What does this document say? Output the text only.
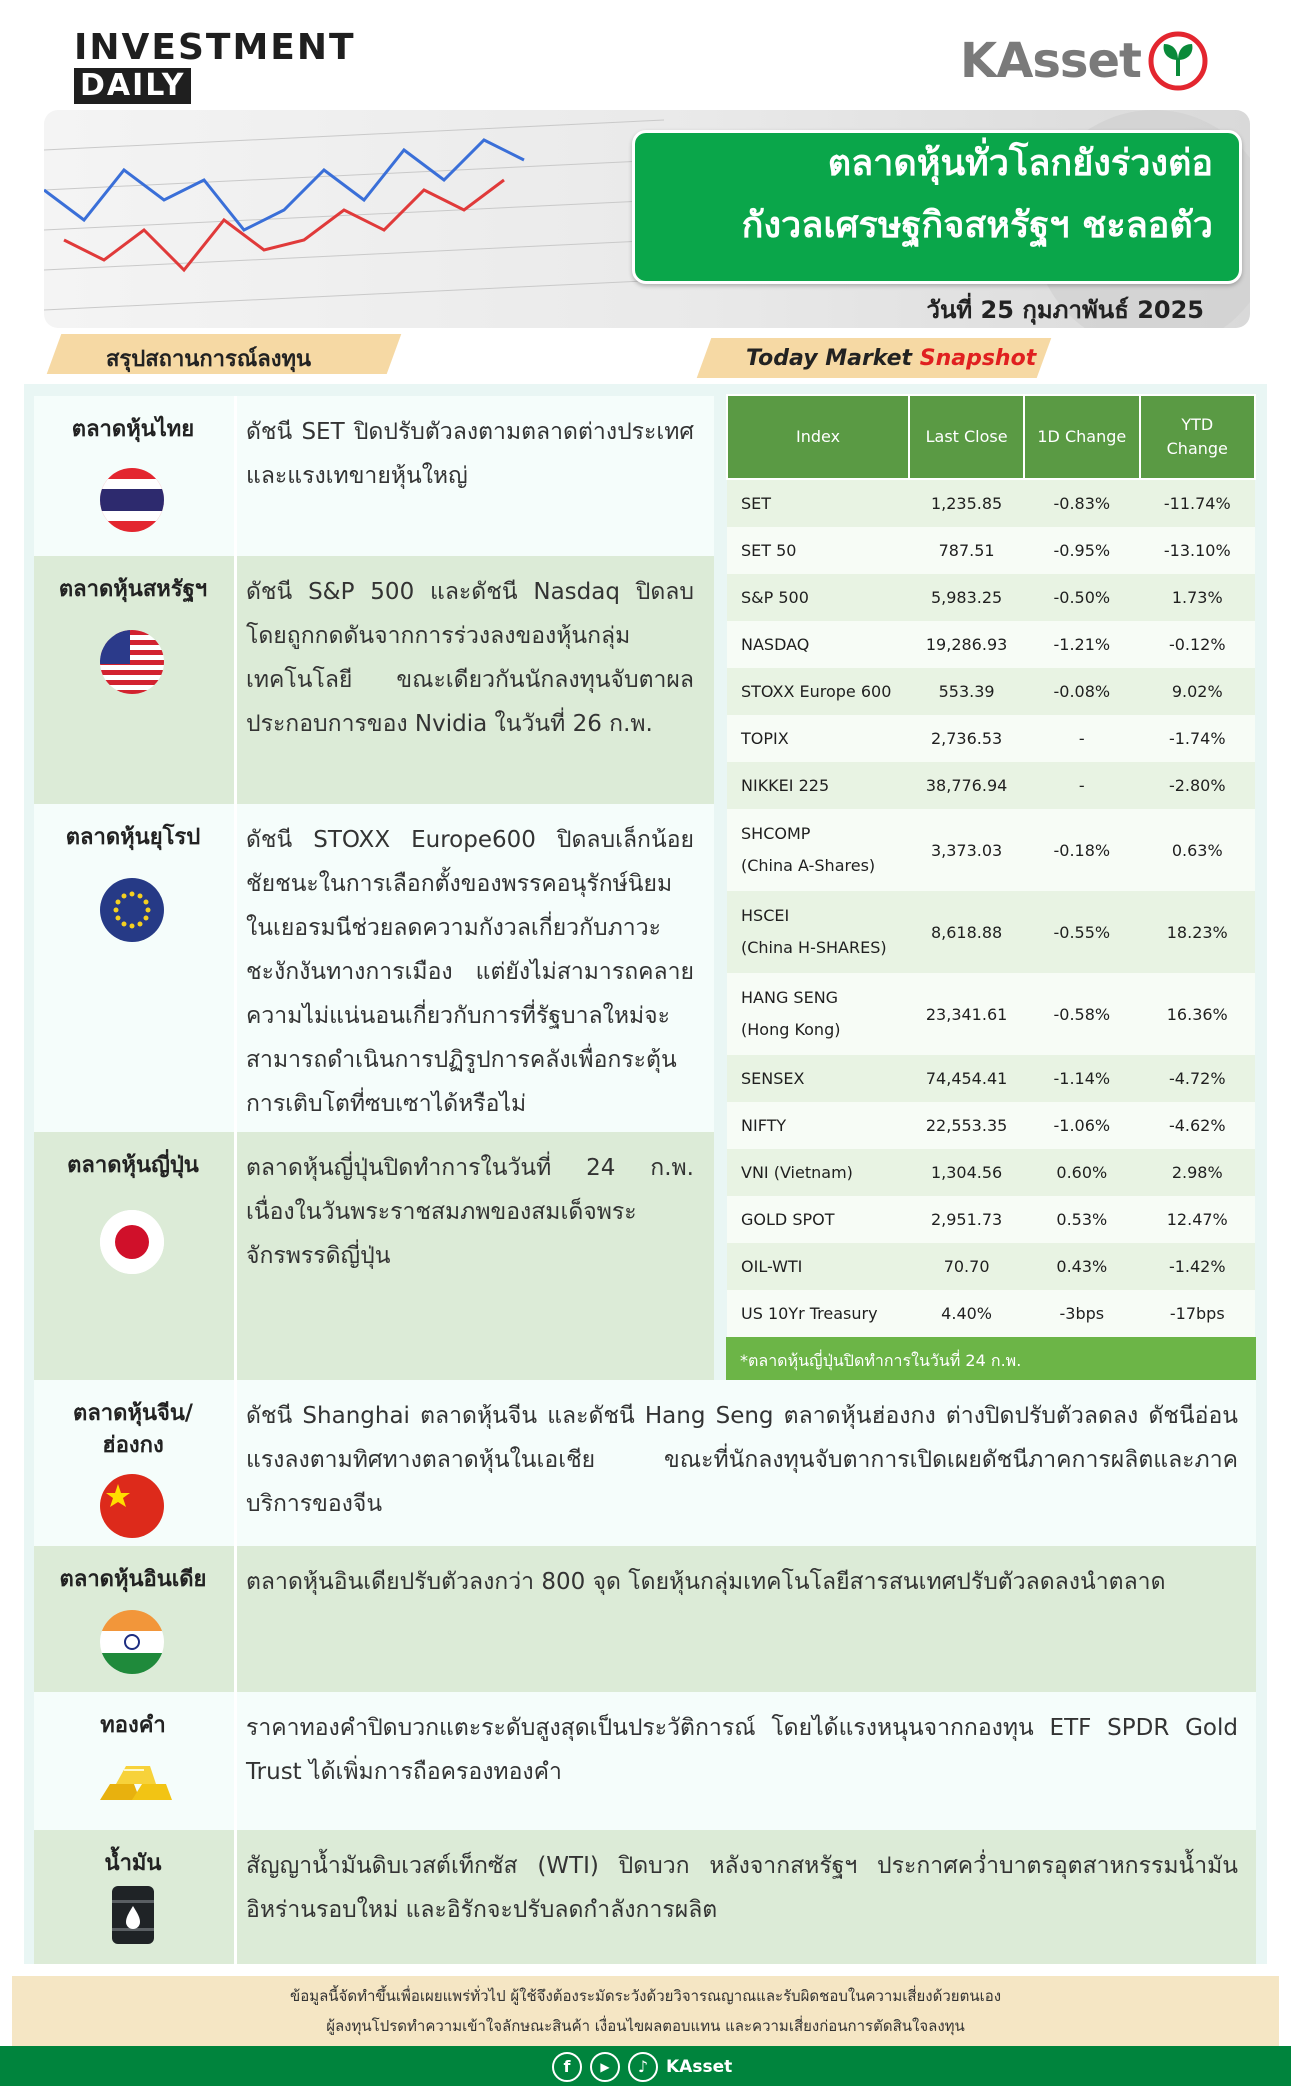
INVESTMENT
DAILY	KAsset
ตลาดหุ้นทั่วโลกยังร่วงต่อ
กังวลเศรษฐกิจสหรัฐฯ ชะลอตัว
วันที่ 25 กุมภาพันธ์ 2025
สรุปสถานการณ์ลงทุน	Today Market Snapshot
ตลาดหุ้นไทย	ดัชนี SET ปิดปรับตัวลงตามตลาดต่างประเทศ และแรงเทขายหุ้นใหญ่
ตลาดหุ้นสหรัฐฯ	ดัชนี S&P 500 และดัชนี Nasdaq ปิดลบ โดยถูกกดดันจากการร่วงลงของหุ้นกลุ่มเทคโนโลยี ขณะเดียวกันนักลงทุนจับตาผลประกอบการของ Nvidia ในวันที่ 26 ก.พ.
ตลาดหุ้นยุโรป	ดัชนี STOXX Europe600 ปิดลบเล็กน้อย ชัยชนะในการเลือกตั้งของพรรคอนุรักษ์นิยมในเยอรมนีช่วยลดความกังวลเกี่ยวกับภาวะชะงักงันทางการเมือง แต่ยังไม่สามารถคลายความไม่แน่นอนเกี่ยวกับการที่รัฐบาลใหม่จะสามารถดำเนินการปฏิรูปการคลังเพื่อกระตุ้นการเติบโตที่ซบเซาได้หรือไม่
ตลาดหุ้นญี่ปุ่น	ตลาดหุ้นญี่ปุ่นปิดทำการในวันที่ 24 ก.พ. เนื่องในวันพระราชสมภพของสมเด็จพระจักรพรรดิญี่ปุ่น
Index	Last Close	1D Change	YTD Change

SET	1,235.85	-0.83%	-11.74%

SET 50	787.51	-0.95%	-13.10%

S&P 500	5,983.25	-0.50%	1.73%

NASDAQ	19,286.93	-1.21%	-0.12%

STOXX Europe 600	553.39	-0.08%	9.02%

TOPIX	2,736.53	-	-1.74%

NIKKEI 225	38,776.94	-	-2.80%

SHCOMP
(China A-Shares)	3,373.03	-0.18%	0.63%

HSCEI
(China H-SHARES)	8,618.88	-0.55%	18.23%

HANG SENG
(Hong Kong)	23,341.61	-0.58%	16.36%

SENSEX	74,454.41	-1.14%	-4.72%

NIFTY	22,553.35	-1.06%	-4.62%

VNI (Vietnam)	1,304.56	0.60%	2.98%

GOLD SPOT	2,951.73	0.53%	12.47%

OIL-WTI	70.70	0.43%	-1.42%

US 10Yr Treasury	4.40%	-3bps	-17bps
*ตลาดหุ้นญี่ปุ่นปิดทำการในวันที่ 24 ก.พ.
ตลาดหุ้นจีน/ ฮ่องกง
ดัชนี Shanghai ตลาดหุ้นจีน และดัชนี Hang Seng ตลาดหุ้นฮ่องกง ต่างปิดปรับตัวลดลง ดัชนีอ่อนแรงลงตามทิศทางตลาดหุ้นในเอเชีย ขณะที่นักลงทุนจับตาการเปิดเผยดัชนีภาคการผลิตและภาคบริการของจีน
ตลาดหุ้นอินเดีย	ตลาดหุ้นอินเดียปรับตัวลงกว่า 800 จุด โดยหุ้นกลุ่มเทคโนโลยีสารสนเทศปรับตัวลดลงนำตลาด
ทองคำ	ราคาทองคำปิดบวกแตะระดับสูงสุดเป็นประวัติการณ์ โดยได้แรงหนุนจากกองทุน ETF SPDR Gold Trust ได้เพิ่มการถือครองทองคำ
น้ำมัน	สัญญาน้ำมันดิบเวสต์เท็กซัส (WTI) ปิดบวก หลังจากสหรัฐฯ ประกาศคว่ำบาตรอุตสาหกรรมน้ำมันอิหร่านรอบใหม่ และอิรักจะปรับลดกำลังการผลิต
ข้อมูลนี้จัดทำขึ้นเพื่อเผยแพร่ทั่วไป ผู้ใช้จึงต้องระมัดระวังด้วยวิจารณญาณและรับผิดชอบในความเสี่ยงด้วยตนเอง
ผู้ลงทุนโปรดทำความเข้าใจลักษณะสินค้า เงื่อนไขผลตอบแทน และความเสี่ยงก่อนการตัดสินใจลงทุน
f	▶	♪	KAsset
